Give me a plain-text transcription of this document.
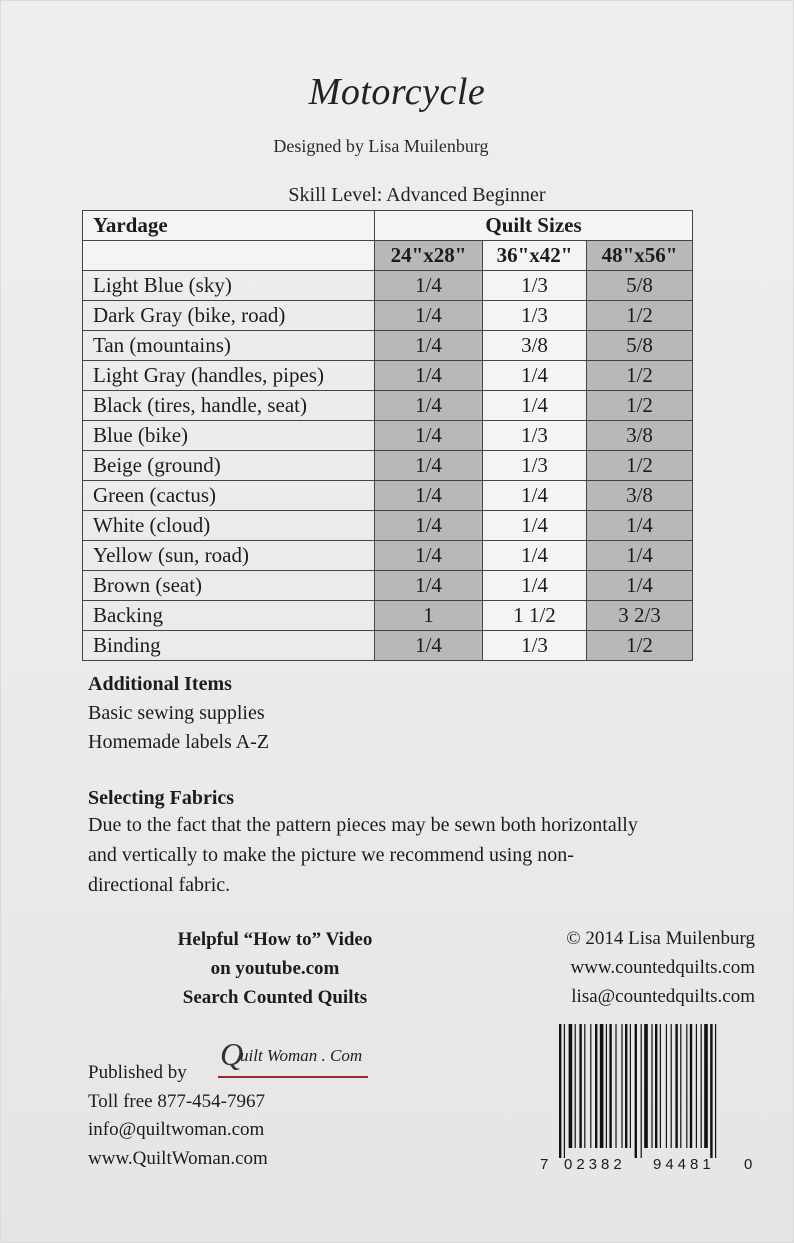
Motorcycle
Designed by Lisa Muilenburg
Skill Level: Advanced Beginner
Yardage	Quilt Sizes		
	24"x28"	36"x42"	48"x56"
Light Blue (sky)	1/4	1/3	5/8
Dark Gray (bike, road)	1/4	1/3	1/2
Tan (mountains)	1/4	3/8	5/8
Light Gray (handles, pipes)	1/4	1/4	1/2
Black (tires, handle, seat)	1/4	1/4	1/2
Blue (bike)	1/4	1/3	3/8
Beige (ground)	1/4	1/3	1/2
Green (cactus)	1/4	1/4	3/8
White (cloud)	1/4	1/4	1/4
Yellow (sun, road)	1/4	1/4	1/4
Brown (seat)	1/4	1/4	1/4
Backing	1	1 1/2	3 2/3
Binding	1/4	1/3	1/2
Additional Items
Basic sewing supplies
Homemade labels A-Z
Selecting Fabrics
Due to the fact that the pattern pieces may be sewn both horizontally
and vertically to make the picture we recommend using non-
directional fabric.
Helpful “How to” Video
on youtube.com
Search Counted Quilts
© 2014 Lisa Muilenburg
www.countedquilts.com
lisa@countedquilts.com
Published by
Q
uilt Woman . Com
Toll free 877-454-7967
info@quiltwoman.com
www.QuiltWoman.com	7 02382 94481 0
